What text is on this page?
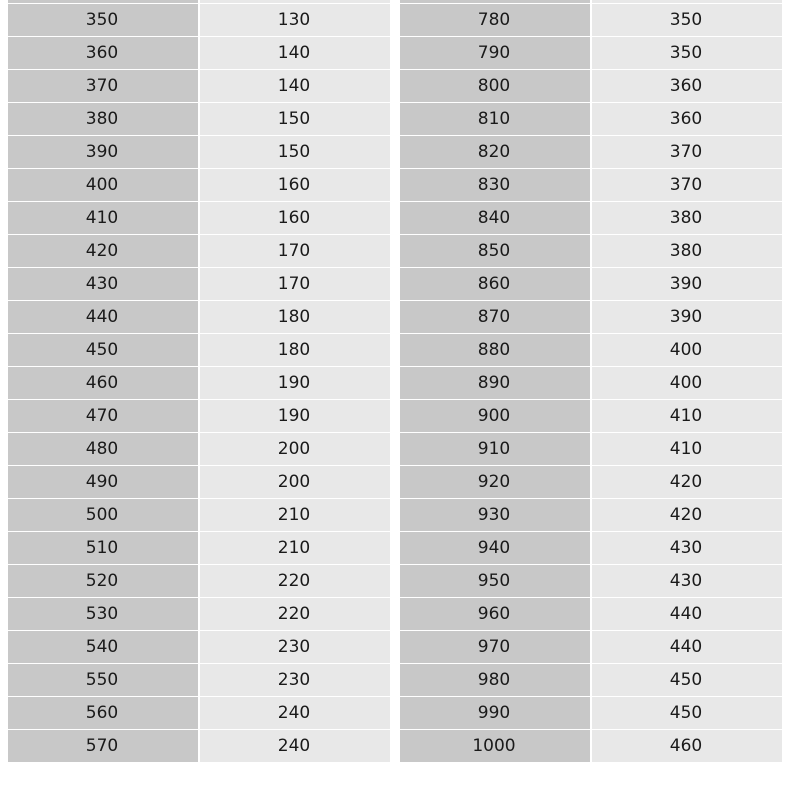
350	130
360	140
370	140
380	150
390	150
400	160
410	160
420	170
430	170
440	180
450	180
460	190
470	190
480	200
490	200
500	210
510	210
520	220
530	220
540	230
550	230
560	240
570	240

780	350
790	350
800	360
810	360
820	370
830	370
840	380
850	380
860	390
870	390
880	400
890	400
900	410
910	410
920	420
930	420
940	430
950	430
960	440
970	440
980	450
990	450
1000	460
